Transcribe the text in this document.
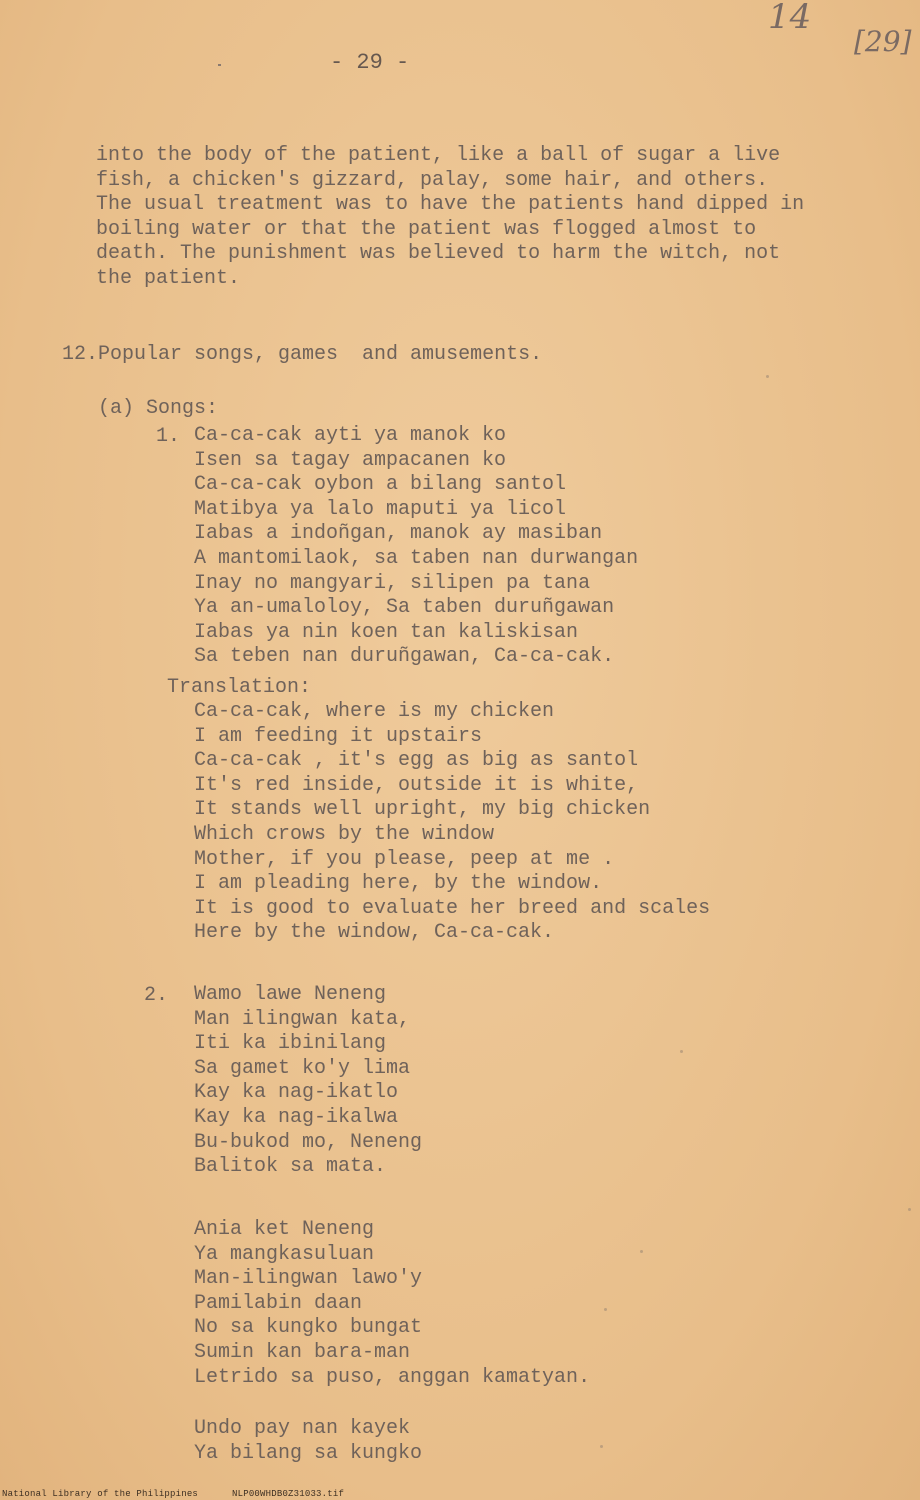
14
[29]
- 29 -
into the body of the patient, like a ball of sugar a live
fish, a chicken's gizzard, palay, some hair, and others.
The usual treatment was to have the patients hand dipped in
boiling water or that the patient was flogged almost to
death. The punishment was believed to harm the witch, not
the patient.
12.Popular songs, games  and amusements.
(a) Songs:
1. Ca-ca-cak ayti ya manok ko
Isen sa tagay ampacanen ko
Ca-ca-cak oybon a bilang santol
Matibya ya lalo maputi ya licol
Iabas a indoñgan, manok ay masiban
A mantomilaok, sa taben nan durwangan
Inay no mangyari, silipen pa tana
Ya an-umaloloy, Sa taben duruñgawan
Iabas ya nin koen tan kaliskisan
Sa teben nan duruñgawan, Ca-ca-cak.
Translation:
Ca-ca-cak, where is my chicken
I am feeding it upstairs
Ca-ca-cak , it's egg as big as santol
It's red inside, outside it is white,
It stands well upright, my big chicken
Which crows by the window
Mother, if you please, peep at me .
I am pleading here, by the window.
It is good to evaluate her breed and scales
Here by the window, Ca-ca-cak.
2. Wamo lawe Neneng
Man ilingwan kata,
Iti ka ibinilang
Sa gamet ko'y lima
Kay ka nag-ikatlo
Kay ka nag-ikalwa
Bu-bukod mo, Neneng
Balitok sa mata.
Ania ket Neneng
Ya mangkasuluan
Man-ilingwan lawo'y
Pamilabin daan
No sa kungko bungat
Sumin kan bara-man
Letrido sa puso, anggan kamatyan.
Undo pay nan kayek
Ya bilang sa kungko
National Library of the Philippines	NLP00WHDB0Z31033.tif
